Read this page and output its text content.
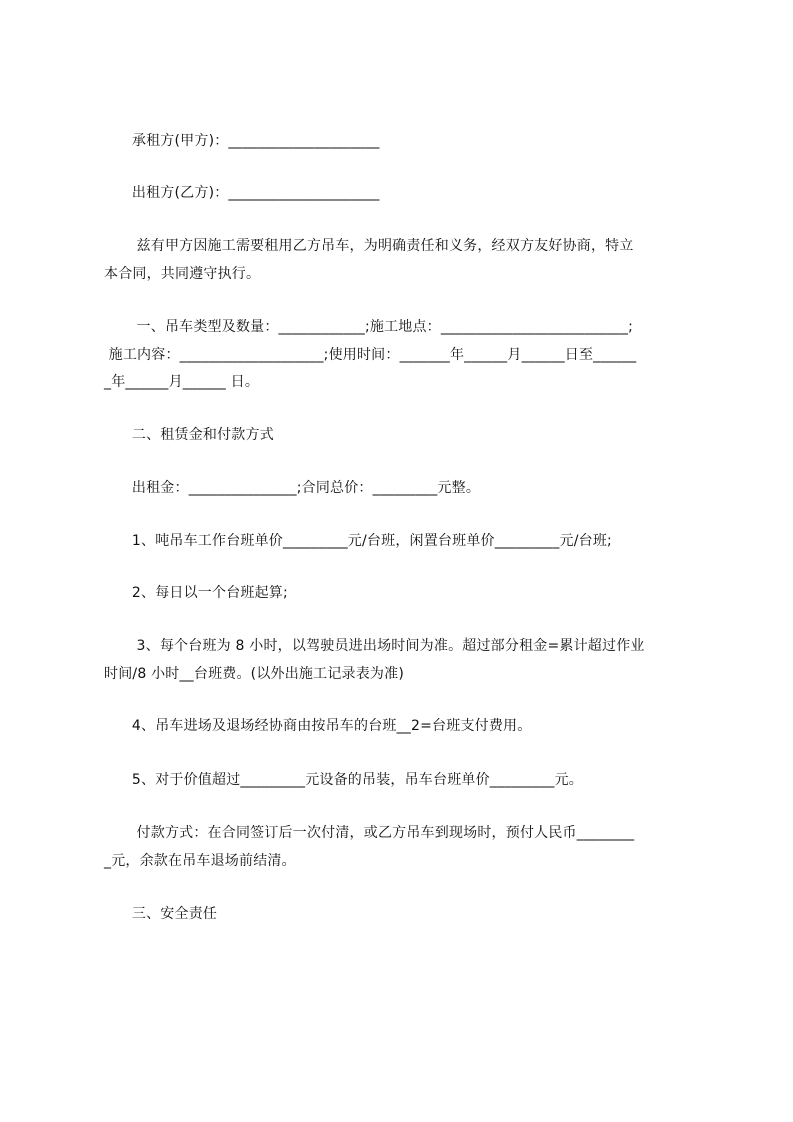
承租方(甲方)：_____________________
出租方(乙方)：_____________________
兹有甲方因施工需要租用乙方吊车，为明确责任和义务，经双方友好协商，特立
本合同，共同遵守执行。
一、吊车类型及数量：____________;施工地点：__________________________;
施工内容：____________________;使用时间：_______年______月______日至______
_年______月______ 日。
二、租赁金和付款方式
出租金：_______________;合同总价：_________元整。
1、吨吊车工作台班单价_________元/台班，闲置台班单价_________元/台班;
2、每日以一个台班起算;
3、每个台班为 8 小时，以驾驶员进出场时间为准。超过部分租金=累计超过作业
时间/8 小时__台班费。(以外出施工记录表为准)
4、吊车进场及退场经协商由按吊车的台班__2=台班支付费用。
5、对于价值超过_________元设备的吊装，吊车台班单价_________元。
付款方式：在合同签订后一次付清，或乙方吊车到现场时，预付人民币________
_元，余款在吊车退场前结清。
三、安全责任
